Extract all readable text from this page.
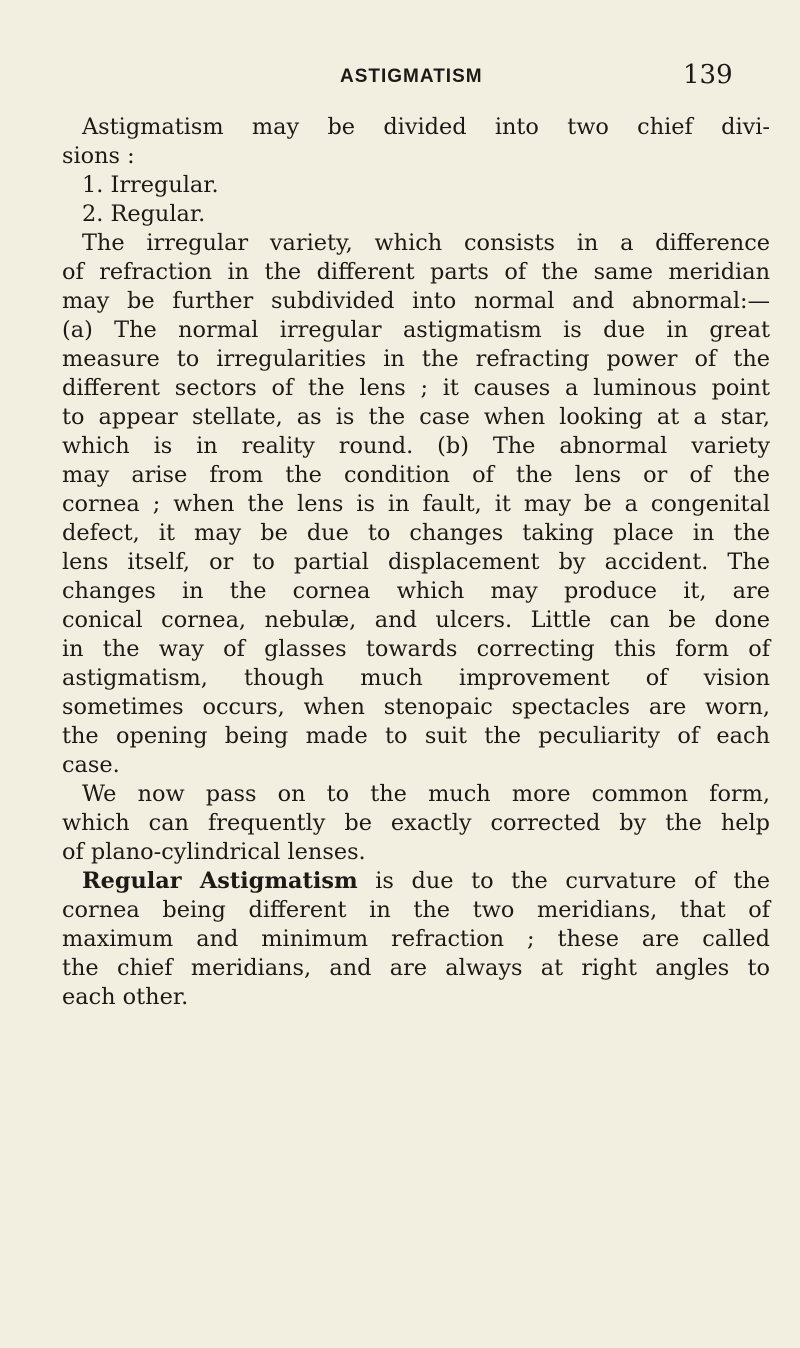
ASTIGMATISM	139
Astigmatism may be divided into two chief divi-
sions :
1. Irregular.
2. Regular.
The irregular variety, which consists in a difference
of refraction in the different parts of the same meridian
may be further subdivided into normal and abnormal:—
(a) The normal irregular astigmatism is due in great
measure to irregularities in the refracting power of the
different sectors of the lens ; it causes a luminous point
to appear stellate, as is the case when looking at a star,
which is in reality round. (b) The abnormal variety
may arise from the condition of the lens or of the
cornea ; when the lens is in fault, it may be a congenital
defect, it may be due to changes taking place in the
lens itself, or to partial displacement by accident. The
changes in the cornea which may produce it, are
conical cornea, nebulæ, and ulcers. Little can be done
in the way of glasses towards correcting this form of
astigmatism, though much improvement of vision
sometimes occurs, when stenopaic spectacles are worn,
the opening being made to suit the peculiarity of each
case.
We now pass on to the much more common form,
which can frequently be exactly corrected by the help
of plano-cylindrical lenses.
Regular Astigmatism is due to the curvature of the
cornea being different in the two meridians, that of
maximum and minimum refraction ; these are called
the chief meridians, and are always at right angles to
each other.
